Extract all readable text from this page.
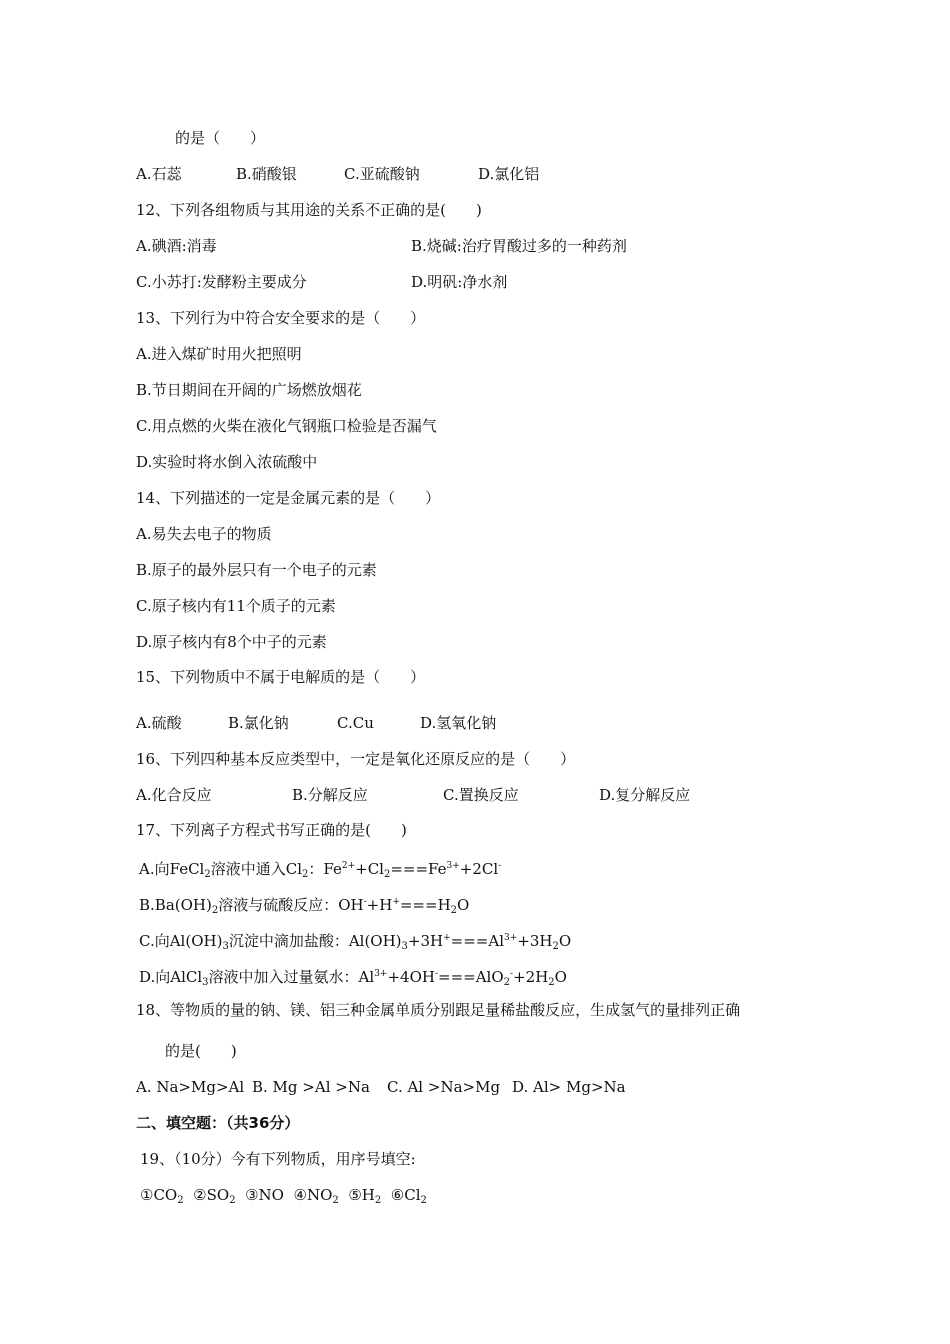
的是（　　）
A.石蕊	B.硝酸银	C.亚硫酸钠	D.氯化铝
12、下列各组物质与其用途的关系不正确的是(　　)
A.碘酒:消毒	B.烧碱:治疗胃酸过多的一种药剂
C.小苏打:发酵粉主要成分	D.明矾:净水剂
13、下列行为中符合安全要求的是（　　）
A.进入煤矿时用火把照明
B.节日期间在开阔的广场燃放烟花
C.用点燃的火柴在液化气钢瓶口检验是否漏气
D.实验时将水倒入浓硫酸中
14、下列描述的一定是金属元素的是（　　）
A.易失去电子的物质
B.原子的最外层只有一个电子的元素
C.原子核内有11个质子的元素
D.原子核内有8个中子的元素
15、下列物质中不属于电解质的是（　　）
A.硫酸	B.氯化钠	C.Cu	D.氢氧化钠
16、下列四种基本反应类型中，一定是氧化还原反应的是（　　）
A.化合反应	B.分解反应	C.置换反应	D.复分解反应
17、下列离子方程式书写正确的是(　　)
A.向FeCl$_2$溶液中通入$Cl_2$：$Fe^{2+}+Cl_2===Fe^{3+}+2Cl^-$
$B.Ba(OH)_2$溶液与硫酸反应：$OH^-+H^+===H_2O$
C.向$Al(OH)_3$沉淀中滴加盐酸：$Al(OH)_3+3H^+===Al^{3+}+3H_2O$
D.向AlCl$_3$溶液中加入过量氨水：$Al^{3+}+4OH^-===AlO_2^-+2H_2O$
18、等物质的量的钠、镁、铝三种金属单质分别跟足量稀盐酸反应，生成氢气的量排列正确
的是(　　)
A. Na>Mg>Al B. Mg >Al >Na C. Al >Na>Mg D. Al> Mg>Na
二、填空题：（共36分）
19、（10分）今有下列物质，用序号填空:
$①CO_2$ $②SO_2$ ③NO $④NO_2$ $⑤H_2$ $⑥Cl_2$
